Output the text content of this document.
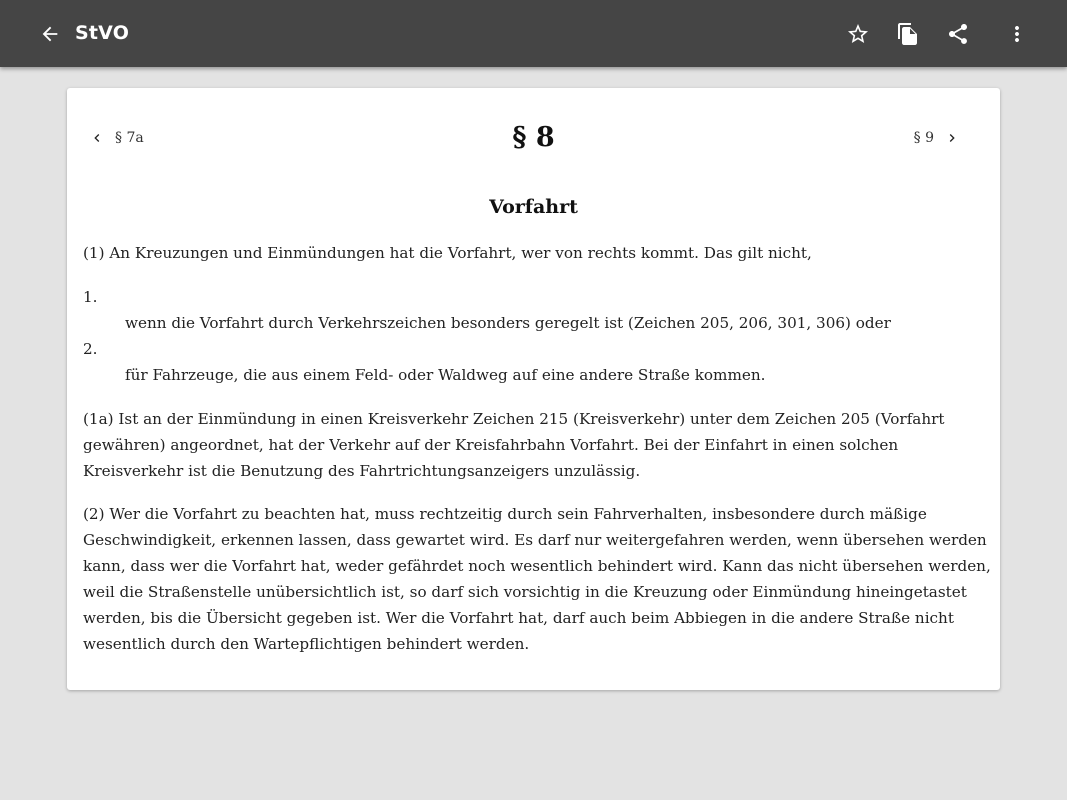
StVO
§ 7a	§ 8	§ 9
Vorfahrt
(1) An Kreuzungen und Einmündungen hat die Vorfahrt, wer von rechts kommt. Das gilt nicht,
1.
wenn die Vorfahrt durch Verkehrszeichen besonders geregelt ist (Zeichen 205, 206, 301, 306) oder
2.
für Fahrzeuge, die aus einem Feld- oder Waldweg auf eine andere Straße kommen.
(1a) Ist an der Einmündung in einen Kreisverkehr Zeichen 215 (Kreisverkehr) unter dem Zeichen 205 (Vorfahrt gewähren) angeordnet, hat der Verkehr auf der Kreisfahrbahn Vorfahrt. Bei der Einfahrt in einen solchen Kreisverkehr ist die Benutzung des Fahrtrichtungsanzeigers unzulässig.
(2) Wer die Vorfahrt zu beachten hat, muss rechtzeitig durch sein Fahrverhalten, insbesondere durch mäßige Geschwindigkeit, erkennen lassen, dass gewartet wird. Es darf nur weitergefahren werden, wenn übersehen werden kann, dass wer die Vorfahrt hat, weder gefährdet noch wesentlich behindert wird. Kann das nicht übersehen werden, weil die Straßenstelle unübersichtlich ist, so darf sich vorsichtig in die Kreuzung oder Einmündung hineingetastet werden, bis die Übersicht gegeben ist. Wer die Vorfahrt hat, darf auch beim Abbiegen in die andere Straße nicht wesentlich durch den Wartepflichtigen behindert werden.
